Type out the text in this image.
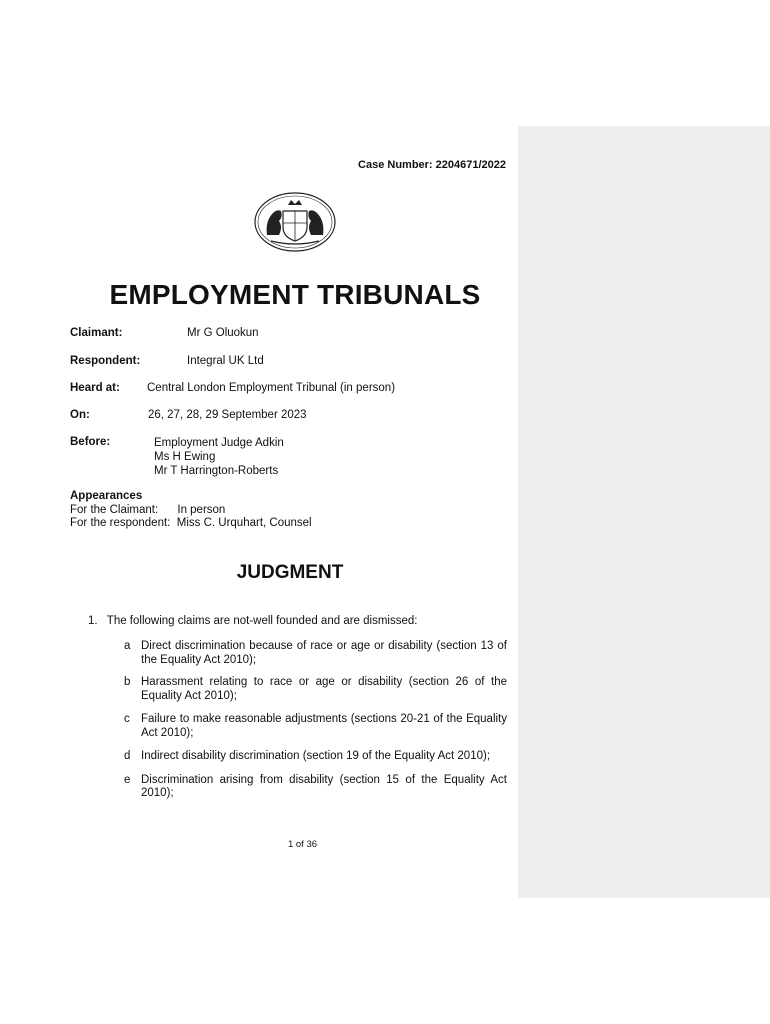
Case Number: 2204671/2022
EMPLOYMENT TRIBUNALS
Claimant:	Mr G Oluokun
Respondent:	Integral UK Ltd
Heard at: Central London Employment Tribunal (in person)
On:	26, 27, 28, 29 September 2023
Before:	Employment Judge Adkin
Ms H Ewing
Mr T Harrington-Roberts
Appearances
For the Claimant:      In person
For the respondent:  Miss C. Urquhart, Counsel
JUDGMENT
1. The following claims are not-well founded and are dismissed:
a Direct discrimination because of race or age or disability (section 13 of the Equality Act 2010);
b Harassment relating to race or age or disability (section 26 of the Equality Act 2010);
c Failure to make reasonable adjustments (sections 20-21 of the Equality Act 2010);
d Indirect disability discrimination (section 19 of the Equality Act 2010);
e Discrimination arising from disability (section 15 of the Equality Act 2010);
1 of 36
